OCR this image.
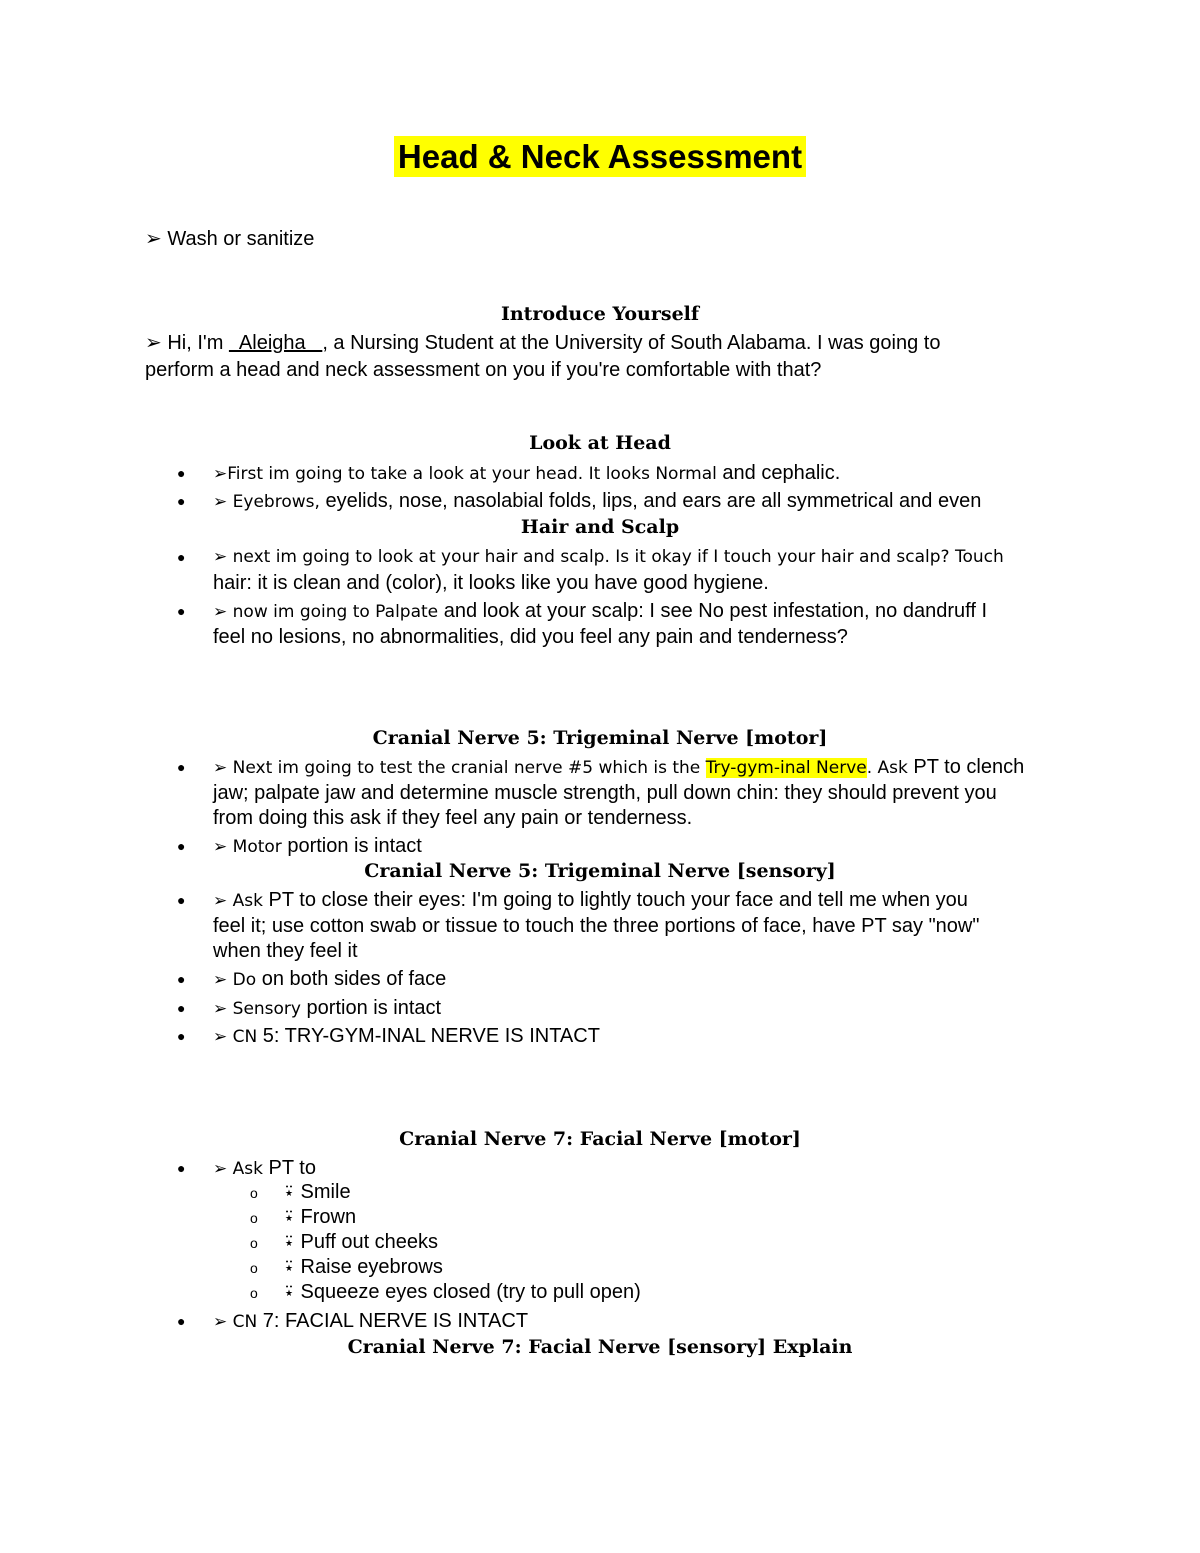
Head & Neck Assessment
➢ Wash or sanitize
Introduce Yourself
➢ Hi, I'm   Aleigha   , a Nursing Student at the University of South Alabama. I was going to
perform a head and neck assessment on you if you're comfortable with that?
Look at Head
● ➢First im going to take a look at your head. It looks Normal and cephalic.
● ➢ Eyebrows, eyelids, nose, nasolabial folds, lips, and ears are all symmetrical and even
Hair and Scalp
● ➢ next im going to look at your hair and scalp. Is it okay if I touch your hair and scalp? Touch
hair: it is clean and (color), it looks like you have good hygiene.
● ➢ now im going to Palpate and look at your scalp: I see No pest infestation, no dandruff I
feel no lesions, no abnormalities, did you feel any pain and tenderness?
Cranial Nerve 5: Trigeminal Nerve [motor]
● ➢ Next im going to test the cranial nerve #5 which is the Try-gym-inal Nerve. Ask PT to clench
jaw; palpate jaw and determine muscle strength, pull down chin: they should prevent you
from doing this ask if they feel any pain or tenderness.
● ➢ Motor portion is intact
Cranial Nerve 5: Trigeminal Nerve [sensory]
● ➢ Ask PT to close their eyes: I'm going to lightly touch your face and tell me when you
feel it; use cotton swab or tissue to touch the three portions of face, have PT say "now"
when they feel it
● ➢ Do on both sides of face
● ➢ Sensory portion is intact
● ➢ CN 5: TRY-GYM-INAL NERVE IS INTACT
Cranial Nerve 7: Facial Nerve [motor]
● ➢ Ask PT to
o ⍣ Smile
o ⍣ Frown
o ⍣ Puff out cheeks
o ⍣ Raise eyebrows
o ⍣ Squeeze eyes closed (try to pull open)
● ➢ CN 7: FACIAL NERVE IS INTACT
Cranial Nerve 7: Facial Nerve [sensory] Explain
